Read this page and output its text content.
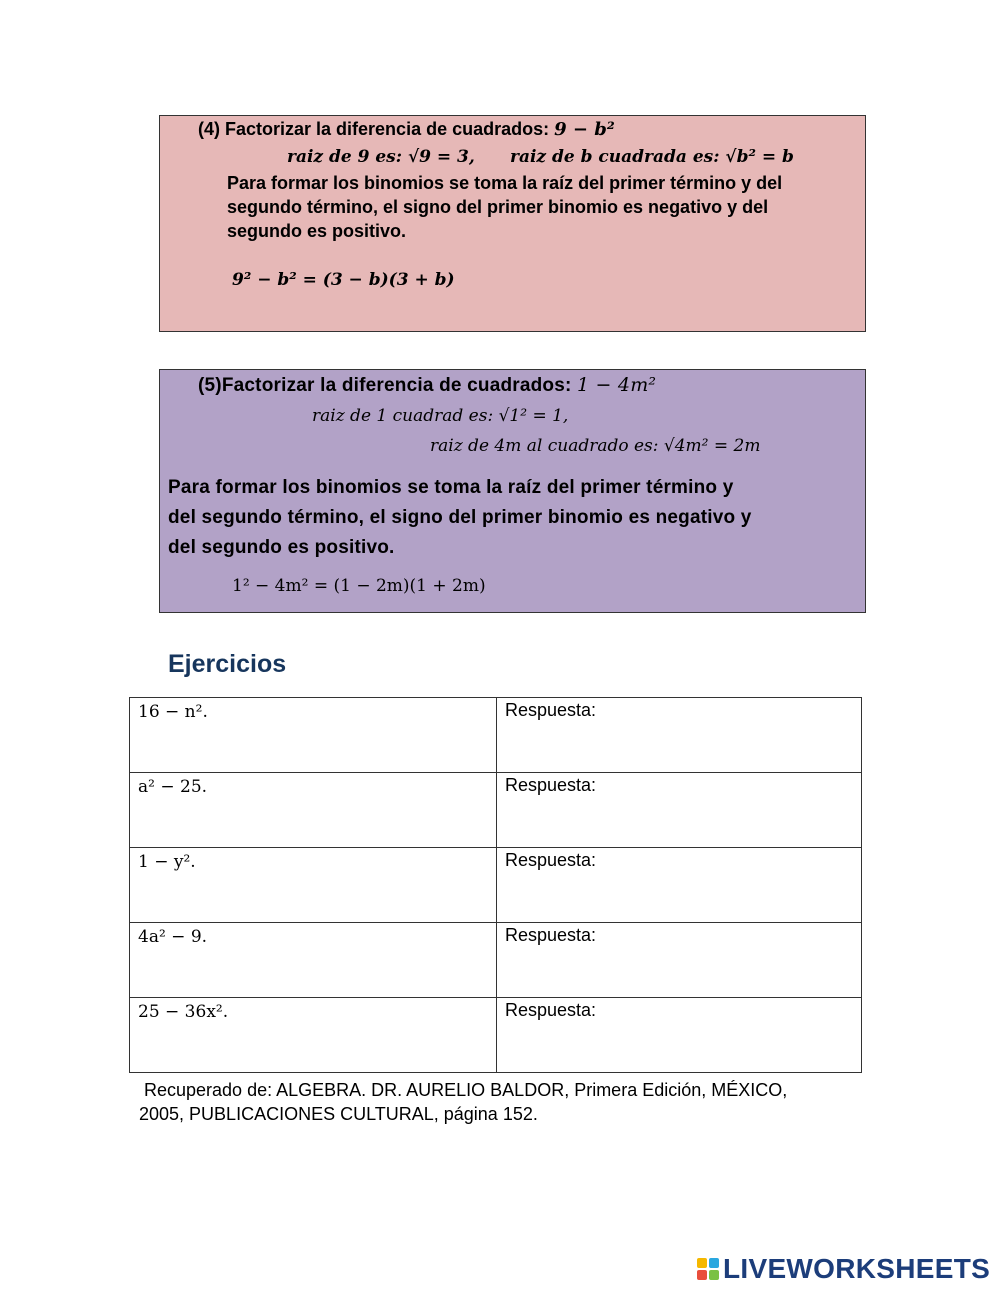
(4) Factorizar la diferencia de cuadrados: 9 − b²
raiz de 9 es: √9 = 3, raiz de b cuadrada es: √b² = b
Para formar los binomios se toma la raíz del primer término y del
segundo término, el signo del primer binomio es negativo y del
segundo es positivo.
9² − b² = (3 − b)(3 + b)
(5)Factorizar la diferencia de cuadrados: 1 − 4m²
raiz de 1 cuadrad es: √1² = 1,
raiz de 4m al cuadrado es: √4m² = 2m
Para formar los binomios se toma la raíz del primer término y
del segundo término, el signo del primer binomio es negativo y
del segundo es positivo.
1² − 4m² = (1 − 2m)(1 + 2m)
Ejercicios
16 − n².	Respuesta:
a² − 25.	Respuesta:
1 − y².	Respuesta:
4a² − 9.	Respuesta:
25 − 36x².	Respuesta:
Recuperado de: ALGEBRA. DR. AURELIO BALDOR, Primera Edición, MÉXICO,
2005, PUBLICACIONES CULTURAL, página 152.
LIVEWORKSHEETS
